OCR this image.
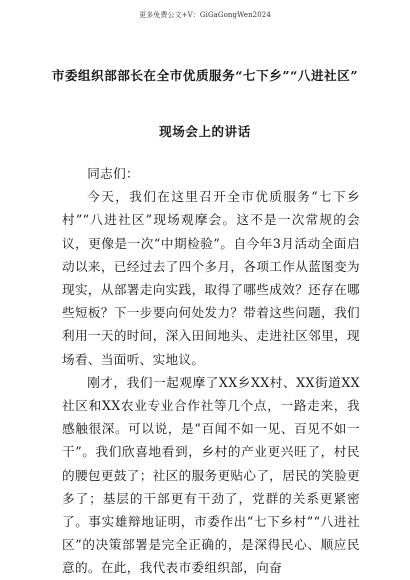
更多免费公文+V：GiGaGongWen2024
市委组织部部长在全市优质服务“七下乡”“八进社区”
现场会上的讲话

同志们：

今天，我们在这里召开全市优质服务“七下乡村”“八进社区”现场观摩会。这不是一次常规的会议，更像是一次“中期检验”。自今年3月活动全面启动以来，已经过去了四个多月，各项工作从蓝图变为现实，从部署走向实践，取得了哪些成效？还存在哪些短板？下一步要向何处发力？带着这些问题，我们利用一天的时间，深入田间地头、走进社区邻里，现场看、当面听、实地议。

刚才，我们一起观摩了XX乡XX村、XX街道XX社区和XX农业专业合作社等几个点，一路走来，我感触很深。可以说，是“百闻不如一见、百见不如一干”。我们欣喜地看到，乡村的产业更兴旺了，村民的腰包更鼓了；社区的服务更贴心了，居民的笑脸更多了；基层的干部更有干劲了，党群的关系更紧密了。事实雄辩地证明，市委作出“七下乡村”“八进社区”的决策部署是完全正确的，是深得民心、顺应民意的。在此，我代表市委组织部，向奋
